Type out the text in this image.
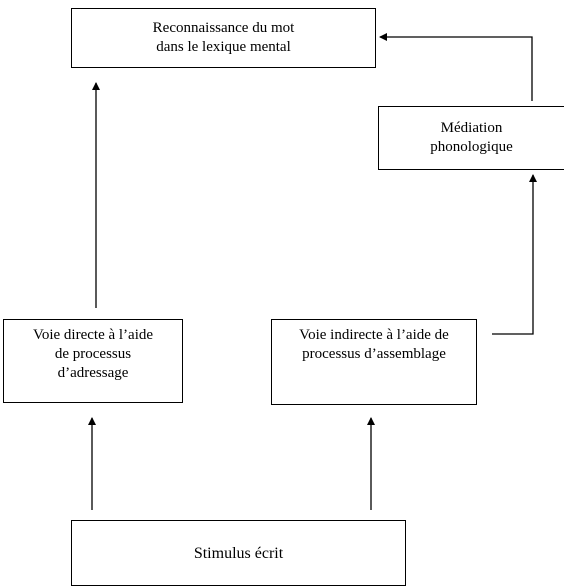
Reconnaissance du mot
dans le lexique mental
Médiation
phonologique
Voie directe à l’aide
de processus
d’adressage
Voie indirecte à l’aide de
processus d’assemblage
Stimulus écrit
